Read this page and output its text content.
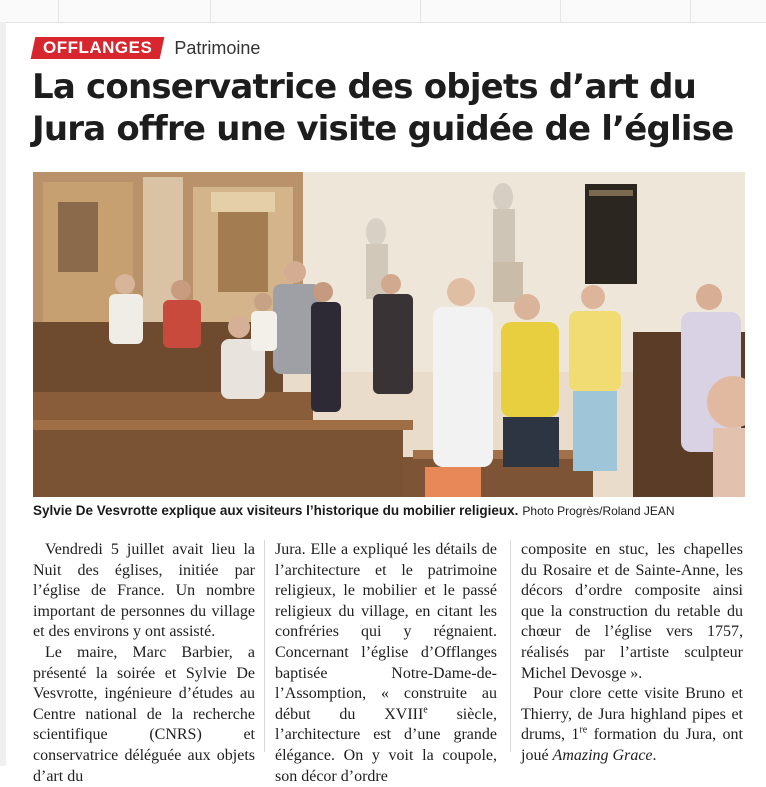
OFFLANGES	Patrimoine
La conservatrice des objets d’art du Jura offre une visite guidée de l’église
Sylvie De Vesvrotte explique aux visiteurs l’historique du mobilier religieux. Photo Progrès/Roland JEAN

Vendredi 5 juillet avait lieu la Nuit des églises, initiée par l’église de France. Un nombre important de personnes du village et des environs y ont assisté.

Le maire, Marc Barbier, a présenté la soirée et Sylvie De Vesvrotte, ingénieure d’études au Centre national de la recherche scientifique (CNRS) et conservatrice déléguée aux objets d’art du

Jura. Elle a expliqué les détails de l’architecture et le patrimoine religieux, le mobilier et le passé religieux du village, en citant les confréries qui y régnaient. Concernant l’église d’Offlanges baptisée Notre-Dame-de-l’Assomption, « construite au début du XVIIIe siècle, l’architecture est d’une grande élégance. On y voit la coupole, son décor d’ordre

composite en stuc, les chapelles du Rosaire et de Sainte-Anne, les décors d’ordre composite ainsi que la construction du retable du chœur de l’église vers 1757, réalisés par l’artiste sculpteur Michel Devosge ».

Pour clore cette visite Bruno et Thierry, de Jura highland pipes et drums, 1re formation du Jura, ont joué Amazing Grace.
